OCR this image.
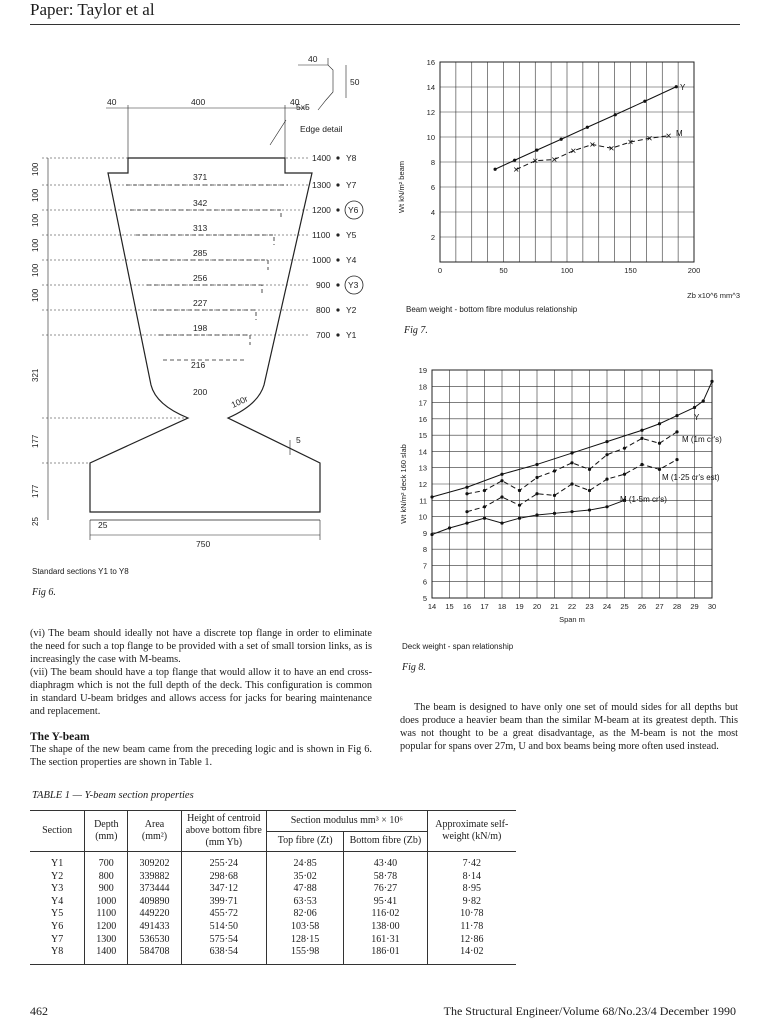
Paper: Taylor et al
400
40	40
40
50
5x5
Edge detail
371
342
313
285
256
227
198
216
200
100r
750
25
5
1400
1300
1200
1100
1000
900
800
700
Y8
Y7
Y6
Y5
Y4
Y3
Y2
Y1
100
100
100
100
100
100
321
177
177
25
Standard sections Y1 to Y8
Fig 6.
0	50	100	150	200
2
4
6
8
10
12
14
16
Zb x10^6 mm^3
Wt kN/m² beam
Y
M
Beam weight - bottom fibre modulus relationship
Fig 7.
14 15 16 17 18 19 20 21 22 23 24 25 26 27 28 29 30
5
6
7
8
9
10
11
12
13
14
15
16
17
18
19
Span m
Wt kN/m² deck 160 slab
Y
M (1m cr's)
M (1·25 cr's est)
M (1·5m cr's)
Deck weight - span relationship
Fig 8.
(vi) The beam should ideally not have a discrete top flange in order to eliminate the need for such a top flange to be provided with a set of small torsion links, as is increasingly the case with M-beams.
(vii) The beam should have a top flange that would allow it to have an end cross-diaphragm which is not the full depth of the deck. This configuration is common in standard U-beam bridges and allows access for jacks for bearing maintenance and replacement.
The Y-beam
The shape of the new beam came from the preceding logic and is shown in Fig 6. The section properties are shown in Table 1.
The beam is designed to have only one set of mould sides for all depths but does produce a heavier beam than the similar M-beam at its greatest depth. This was not thought to be a great disadvantage, as the M-beam is not the most popular for spans over 27m, U and box beams being more often used instead.
TABLE 1 — Y-beam section properties
Section	Depth (mm)	Area (mm²)	Height of centroid above bottom fibre (mm Yb)	Section modulus mm³ × 10⁶		Approximate self-weight (kN/m)
				Top fibre (Zt)	Bottom fibre (Zb)	
Y1	700	309202	255·24	24·85	43·40	7·42
Y2	800	339882	298·68	35·02	58·78	8·14
Y3	900	373444	347·12	47·88	76·27	8·95
Y4	1000	409890	399·71	63·53	95·41	9·82
Y5	1100	449220	455·72	82·06	116·02	10·78
Y6	1200	491433	514·50	103·58	138·00	11·78
Y7	1300	536530	575·54	128·15	161·31	12·86
Y8	1400	584708	638·54	155·98	186·01	14·02
462	The Structural Engineer/Volume 68/No.23/4 December 1990
